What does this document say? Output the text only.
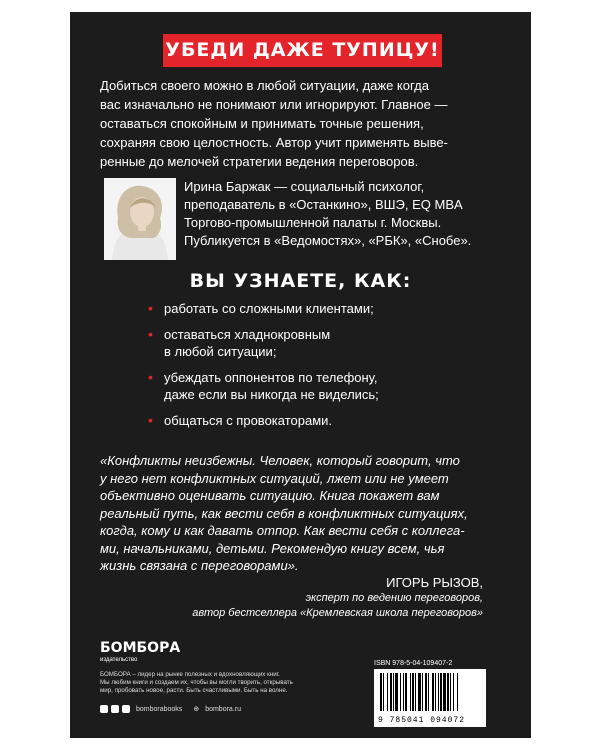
УБЕДИ ДАЖЕ ТУПИЦУ!
Добиться своего можно в любой ситуации, даже когда
вас изначально не понимают или игнорируют. Главное —
оставаться спокойным и принимать точные решения,
сохраняя свою целостность. Автор учит применять выве-
ренные до мелочей стратегии ведения переговоров.
Ирина Баржак — социальный психолог,
преподаватель в «Останкино», ВШЭ, EQ MBA
Торгово-промышленной палаты г. Москвы.
Публикуется в «Ведомостях», «РБК», «Снобе».
ВЫ УЗНАЕТЕ, КАК:
• работать со сложными клиентами;
• оставаться хладнокровным
в любой ситуации;
• убеждать оппонентов по телефону,
даже если вы никогда не виделись;
• общаться с провокаторами.
«Конфликты неизбежны. Человек, который говорит, что
у него нет конфликтных ситуаций, лжет или не умеет
объективно оценивать ситуацию. Книга покажет вам
реальный путь, как вести себя в конфликтных ситуациях,
когда, кому и как давать отпор. Как вести себя с коллега-
ми, начальниками, детьми. Рекомендую книгу всем, чья
жизнь связана с переговорами».
ИГОРЬ РЫЗОВ,
эксперт по ведению переговоров,
автор бестселлера «Кремлевская школа переговоров»
БОМБОРА
издательство
БОМБОРА – лидер на рынке полезных и вдохновляющих книг.
Мы любим книги и создаем их, чтобы вы могли творить, открывать
мир, пробовать новое, расти. Быть счастливыми. Быть на волне.
bomborabooks ⊕ bombora.ru
ISBN 978-5-04-109407-2
9 785041 094072
